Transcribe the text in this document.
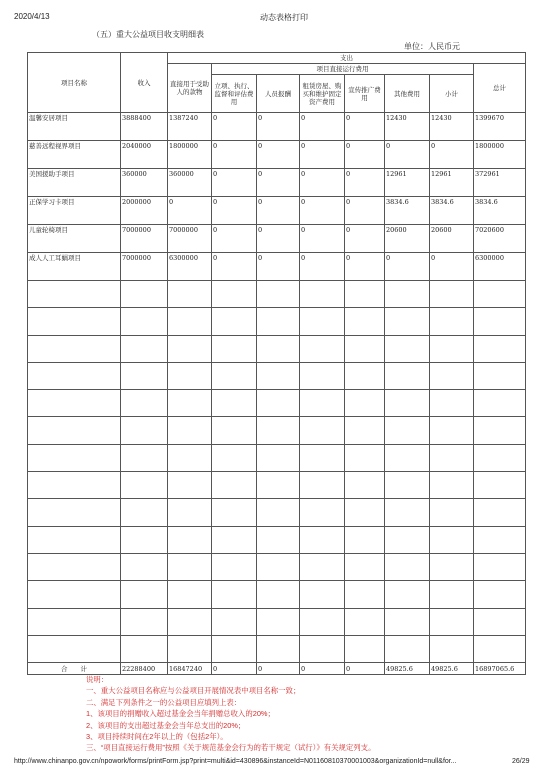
2020/4/13	动态表格打印
（五）重大公益项目收支明细表
单位：人民币元
项目名称	收入	支出							
		直接用于受助人的款物	项目直接运行费用						总计
			立项、执行、监督和评估费用	人员报酬	租赁房屋、购买和维护固定资产费用	宣传推广费用	其他费用	小计	
温馨安居项目	3888400	1387240	0	0	0	0	12430	12430	1399670
慈善远程视界项目	2040000	1800000	0	0	0	0	0	0	1800000
美国援助手项目	360000	360000	0	0	0	0	12961	12961	372961
正保学习卡项目	2000000	0	0	0	0	0	3834.6	3834.6	3834.6
儿童轮椅项目	7000000	7000000	0	0	0	0	20600	20600	7020600
成人人工耳蜗项目	7000000	6300000	0	0	0	0	0	0	6300000

合　　计	22288400	16847240	0	0	0	0	49825.6	49825.6	16897065.6
说明：
一、重大公益项目名称应与公益项目开展情况表中项目名称一致；
二、满足下列条件之一的公益项目应填列上表：
1、该项目的捐赠收入超过基金会当年捐赠总收入的20%；
2、该项目的支出超过基金会当年总支出的20%；
3、项目持续时间在2年以上的（包括2年）。
三、“项目直接运行费用”按照《关于规范基金会行为的若干规定（试行）》有关规定列支。
http://www.chinanpo.gov.cn/npowork/forms/printForm.jsp?print=multi&id=430896&instanceId=N01160810370001003&organizationId=null&for...	26/29
